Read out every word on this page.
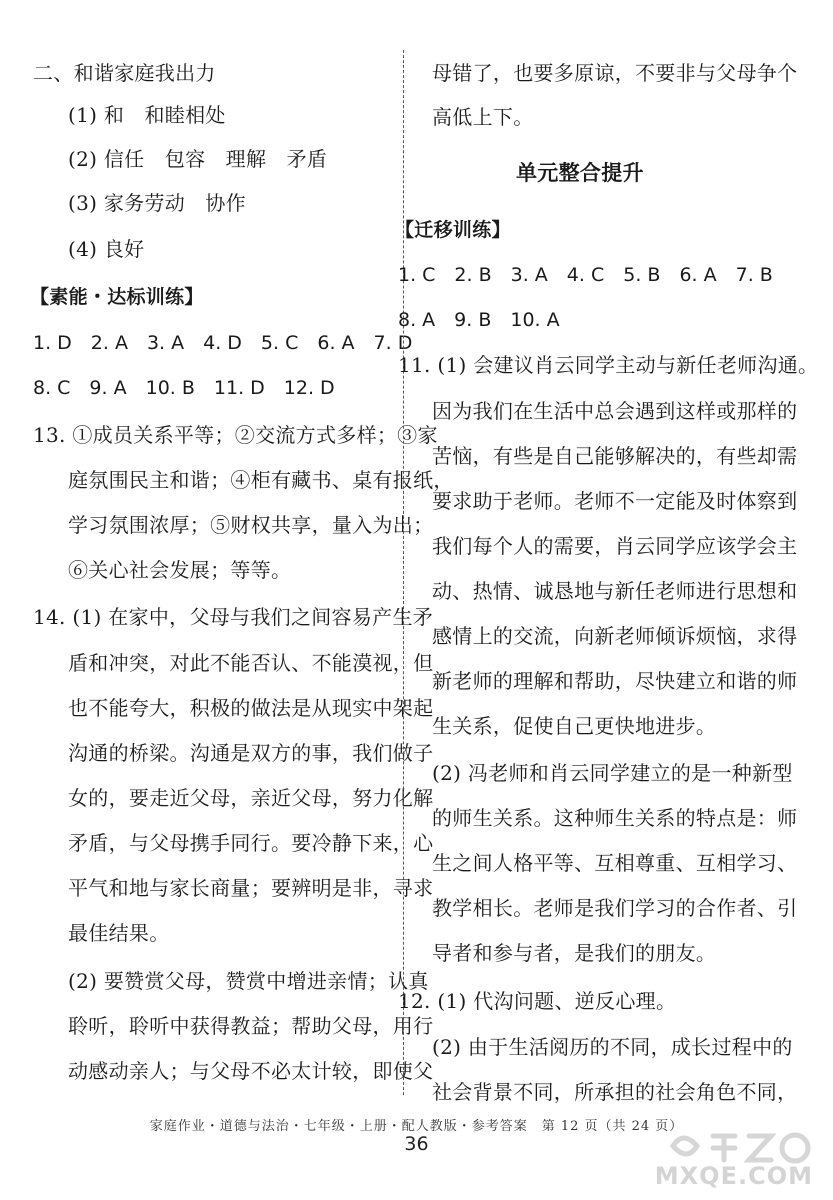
二、和谐家庭我出力
(1) 和　和睦相处
(2) 信任　包容　理解　矛盾
(3) 家务劳动　协作
(4) 良好
【素能・达标训练】
1. D　2. A　3. A　4. D　5. C　6. A　7. D
8. C　9. A　10. B　11. D　12. D
13. ①成员关系平等；②交流方式多样；③家
庭氛围民主和谐；④柜有藏书、桌有报纸，
学习氛围浓厚；⑤财权共享，量入为出；
⑥关心社会发展；等等。
14. (1) 在家中，父母与我们之间容易产生矛
盾和冲突，对此不能否认、不能漠视，但
也不能夸大，积极的做法是从现实中架起
沟通的桥梁。沟通是双方的事，我们做子
女的，要走近父母，亲近父母，努力化解
矛盾，与父母携手同行。要冷静下来，心
平气和地与家长商量；要辨明是非，寻求
最佳结果。
(2) 要赞赏父母，赞赏中增进亲情；认真
聆听，聆听中获得教益；帮助父母，用行
动感动亲人；与父母不必太计较，即使父
母错了，也要多原谅，不要非与父母争个
高低上下。
单元整合提升
【迁移训练】
1. C　2. B　3. A　4. C　5. B　6. A　7. B
8. A　9. B　10. A
11. (1) 会建议肖云同学主动与新任老师沟通。
因为我们在生活中总会遇到这样或那样的
苦恼，有些是自己能够解决的，有些却需
要求助于老师。老师不一定能及时体察到
我们每个人的需要，肖云同学应该学会主
动、热情、诚恳地与新任老师进行思想和
感情上的交流，向新老师倾诉烦恼，求得
新老师的理解和帮助，尽快建立和谐的师
生关系，促使自己更快地进步。
(2) 冯老师和肖云同学建立的是一种新型
的师生关系。这种师生关系的特点是：师
生之间人格平等、互相尊重、互相学习、
教学相长。老师是我们学习的合作者、引
导者和参与者，是我们的朋友。
12. (1) 代沟问题、逆反心理。
(2) 由于生活阅历的不同，成长过程中的
社会背景不同，所承担的社会角色不同，
家庭作业・道德与法治・七年级・上册・配人教版・参考答案　第 12 页（共 24 页）
36
MXQE.COM
